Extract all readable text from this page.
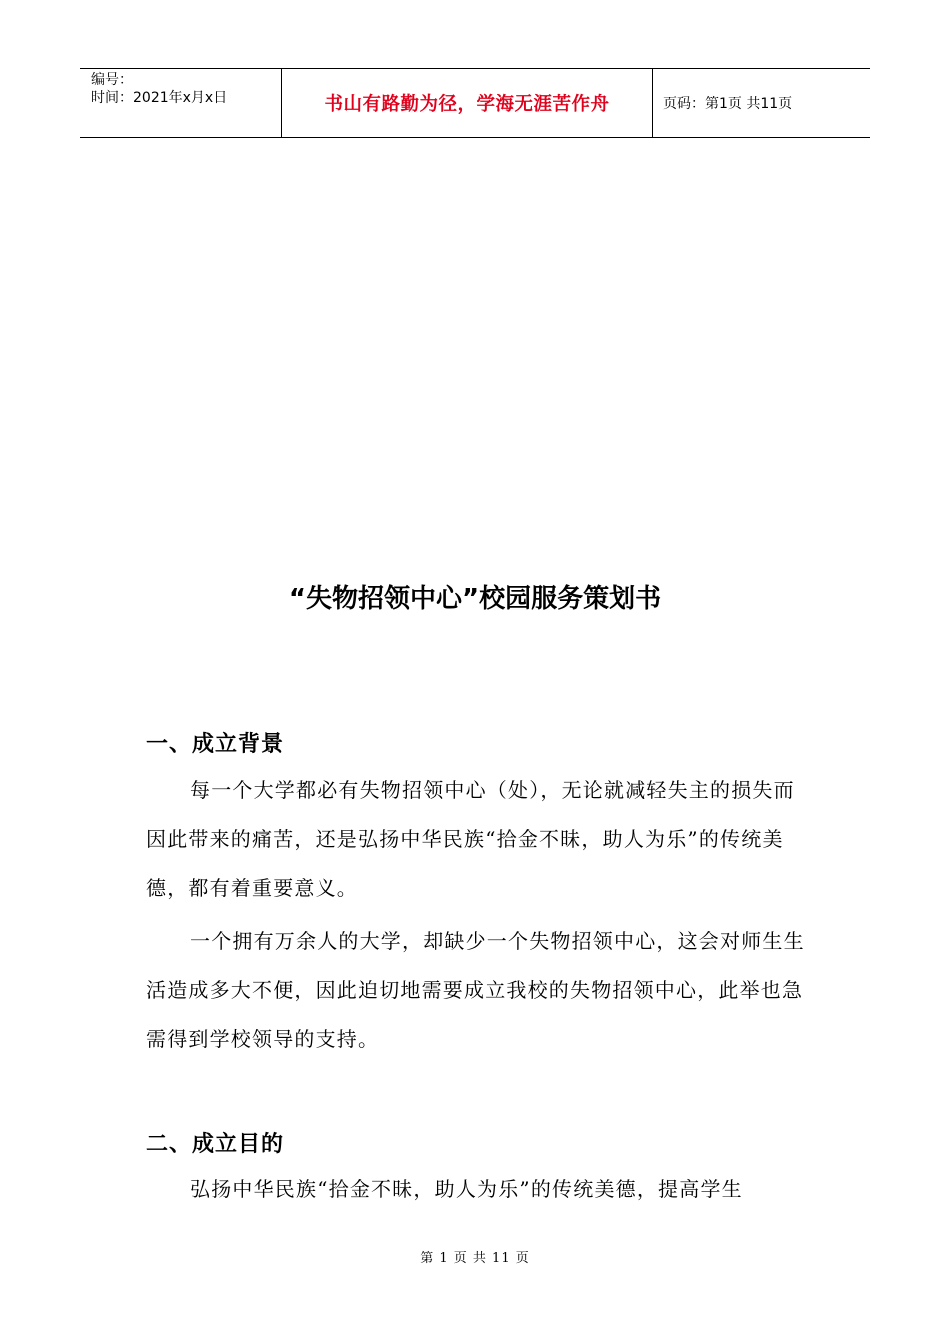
编号：
时间：2021年x月x日	书山有路勤为径，学海无涯苦作舟	页码：第1页 共11页
“失物招领中心”校园服务策划书
一、成立背景
每一个大学都必有失物招领中心（处），无论就减轻失主的损失而因此带来的痛苦，还是弘扬中华民族“拾金不昧，助人为乐”的传统美德，都有着重要意义。
一个拥有万余人的大学，却缺少一个失物招领中心，这会对师生生活造成多大不便，因此迫切地需要成立我校的失物招领中心，此举也急需得到学校领导的支持。
二、成立目的
弘扬中华民族“拾金不昧，助人为乐”的传统美德，提高学生
第 1 页 共 11 页
